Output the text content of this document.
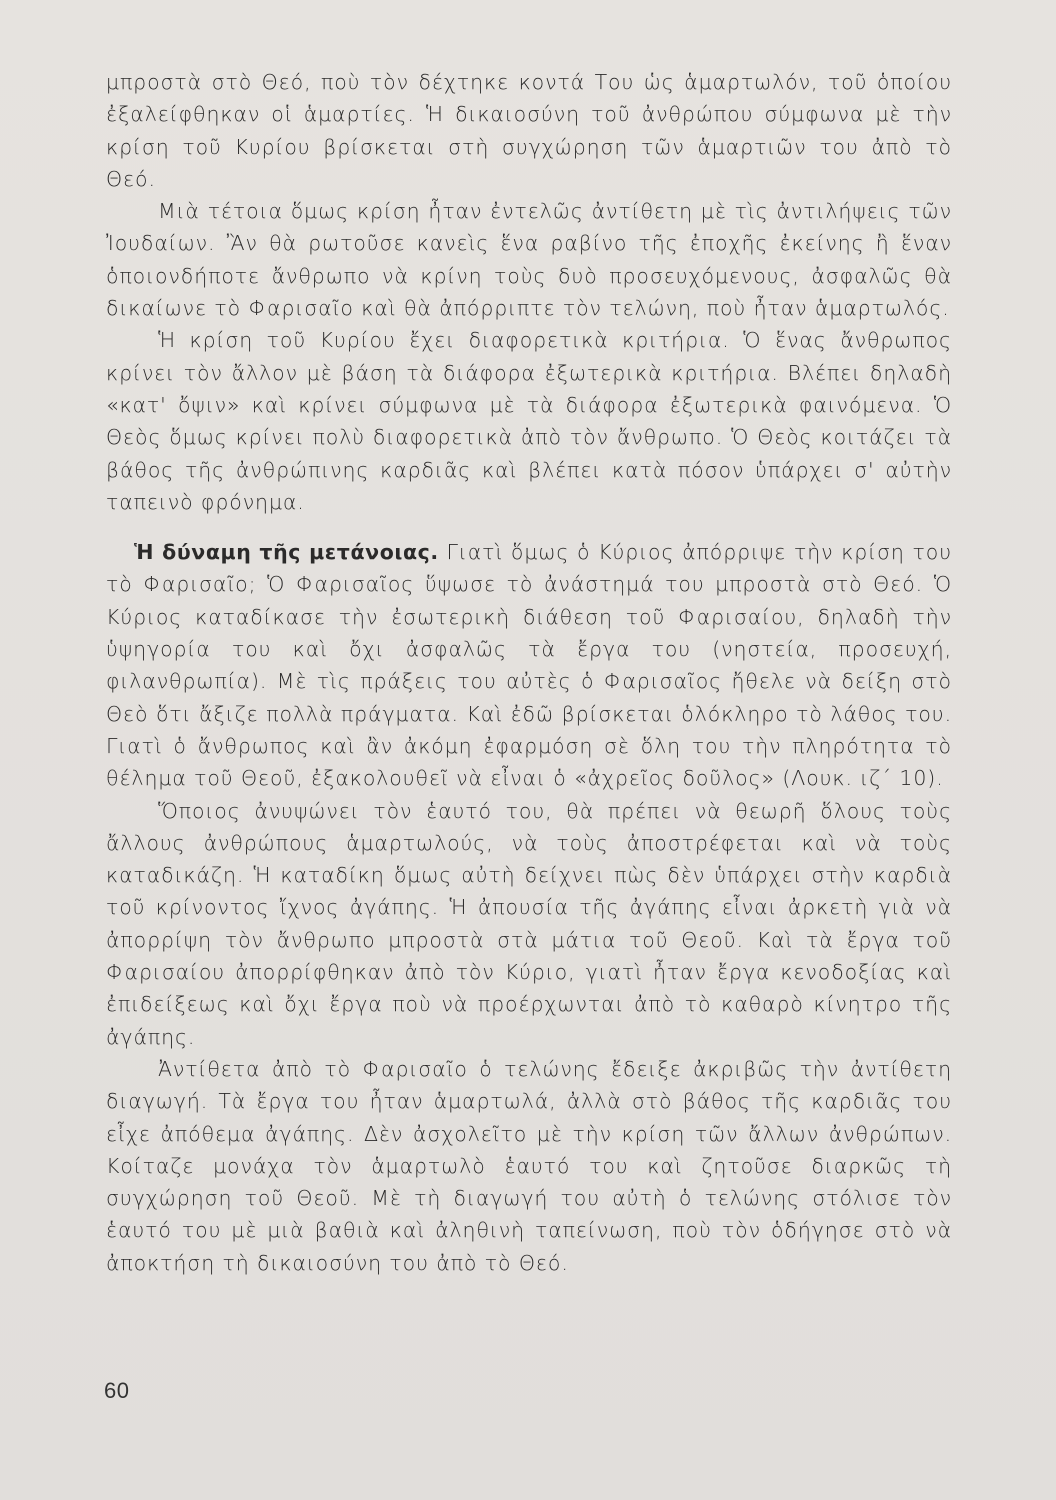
μπροστὰ στὸ Θεό, ποὺ τὸν δέχτηκε κοντά Του ὡς ἁμαρτωλόν, τοῦ ὁποίου ἐξαλείφθηκαν οἱ ἁμαρτίες. Ἡ δικαιοσύνη τοῦ ἀνθρώπου σύμφωνα μὲ τὴν κρίση τοῦ Κυρίου βρίσκεται στὴ συγχώρηση τῶν ἁμαρτιῶν του ἀπὸ τὸ Θεό.

Μιὰ τέτοια ὅμως κρίση ἦταν ἐντελῶς ἀντίθετη μὲ τὶς ἀντιλήψεις τῶν Ἰουδαίων. Ἂν θὰ ρωτοῦσε κανεὶς ἕνα ραβίνο τῆς ἐποχῆς ἐκείνης ἢ ἕναν ὁποιονδήποτε ἄνθρωπο νὰ κρίνη τοὺς δυὸ προσευχόμενους, ἀσφαλῶς θὰ δικαίωνε τὸ Φαρισαῖο καὶ θὰ ἀπόρριπτε τὸν τελώνη, ποὺ ἦταν ἁμαρτωλός.

Ἡ κρίση τοῦ Κυρίου ἔχει διαφορετικὰ κριτήρια. Ὁ ἕνας ἄνθρωπος κρίνει τὸν ἄλλον μὲ βάση τὰ διάφορα ἐξωτερικὰ κριτήρια. Βλέπει δηλαδὴ «κατ' ὄψιν» καὶ κρίνει σύμφωνα μὲ τὰ διάφορα ἐξωτερικὰ φαινόμενα. Ὁ Θεὸς ὅμως κρίνει πολὺ διαφορετικὰ ἀπὸ τὸν ἄνθρωπο. Ὁ Θεὸς κοιτάζει τὰ βάθος τῆς ἀνθρώπινης καρδιᾶς καὶ βλέπει κατὰ πόσον ὑπάρχει σ' αὐτὴν ταπεινὸ φρόνημα.

Ἡ δύναμη τῆς μετάνοιας. Γιατὶ ὅμως ὁ Κύριος ἀπόρριψε τὴν κρίση του τὸ Φαρισαῖο; Ὁ Φαρισαῖος ὕψωσε τὸ ἀνάστημά του μπροστὰ στὸ Θεό. Ὁ Κύριος καταδίκασε τὴν ἐσωτερικὴ διάθεση τοῦ Φαρισαίου, δηλαδὴ τὴν ὑψηγορία του καὶ ὄχι ἀσφαλῶς τὰ ἔργα του (νηστεία, προσευχή, φιλανθρωπία). Μὲ τὶς πράξεις του αὐτὲς ὁ Φαρισαῖος ἤθελε νὰ δείξη στὸ Θεὸ ὅτι ἄξιζε πολλὰ πράγματα. Καὶ ἐδῶ βρίσκεται ὁλόκληρο τὸ λάθος του. Γιατὶ ὁ ἄνθρωπος καὶ ἂν ἀκόμη ἐφαρμόση σὲ ὅλη του τὴν πληρότητα τὸ θέλημα τοῦ Θεοῦ, ἐξακολουθεῖ νὰ εἶναι ὁ «ἀχρεῖος δοῦλος» (Λουκ. ιζ΄ 10).

Ὅποιος ἀνυψώνει τὸν ἑαυτό του, θὰ πρέπει νὰ θεωρῆ ὅλους τοὺς ἄλλους ἀνθρώπους ἁμαρτωλούς, νὰ τοὺς ἀποστρέφεται καὶ νὰ τοὺς καταδικάζη. Ἡ καταδίκη ὅμως αὐτὴ δείχνει πὼς δὲν ὑπάρχει στὴν καρδιὰ τοῦ κρίνοντος ἴχνος ἀγάπης. Ἡ ἀπουσία τῆς ἀγάπης εἶναι ἀρκετὴ γιὰ νὰ ἀπορρίψη τὸν ἄνθρωπο μπροστὰ στὰ μάτια τοῦ Θεοῦ. Καὶ τὰ ἔργα τοῦ Φαρισαίου ἀπορρίφθηκαν ἀπὸ τὸν Κύριο, γιατὶ ἦταν ἔργα κενοδοξίας καὶ ἐπιδείξεως καὶ ὄχι ἔργα ποὺ νὰ προέρχωνται ἀπὸ τὸ καθαρὸ κίνητρο τῆς ἀγάπης.

Ἀντίθετα ἀπὸ τὸ Φαρισαῖο ὁ τελώνης ἔδειξε ἀκριβῶς τὴν ἀντίθετη διαγωγή. Τὰ ἔργα του ἦταν ἁμαρτωλά, ἀλλὰ στὸ βάθος τῆς καρδιᾶς του εἶχε ἀπόθεμα ἀγάπης. Δὲν ἀσχολεῖτο μὲ τὴν κρίση τῶν ἄλλων ἀνθρώπων. Κοίταζε μονάχα τὸν ἁμαρτωλὸ ἑαυτό του καὶ ζητοῦσε διαρκῶς τὴ συγχώρηση τοῦ Θεοῦ. Μὲ τὴ διαγωγή του αὐτὴ ὁ τελώνης στόλισε τὸν ἑαυτό του μὲ μιὰ βαθιὰ καὶ ἀληθινὴ ταπείνωση, ποὺ τὸν ὁδήγησε στὸ νὰ ἀποκτήση τὴ δικαιοσύνη του ἀπὸ τὸ Θεό.

60
